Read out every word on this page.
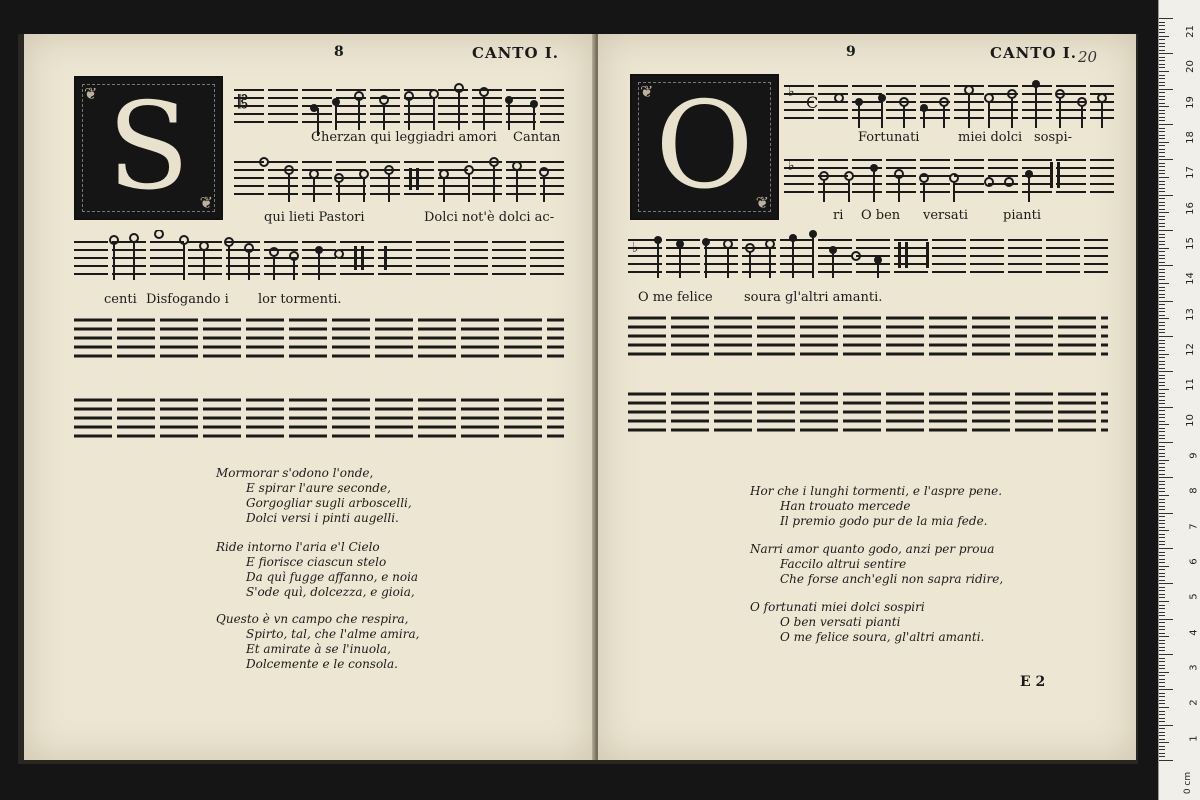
8	CANTO I.
❦
❦
S	𝄡
Cherzan qui leggiadri amori Cantan
qui lieti Pastori	Dolci not'è dolci ac-
centi Disfogando i lor tormenti.
Mormorar s'odono l'onde,
E spirar l'aure seconde,
Gorgogliar sugli arboscelli,
Dolci versi i pinti augelli.
Ride intorno l'aria e'l Cielo
E fiorisce ciascun stelo
Da quì fugge affanno, e noia
S'ode quì, dolcezza, e gioia,
Questo è vn campo che respira,
Spirto, tal, che l'alme amira,
Et amirate à se l'inuola,
Dolcemente e le consola.
9	CANTO I. 20
❦
❦
O	♭
C
Fortunati	miei dolci sospi-
♭
ri O ben versati	pianti
♭
O me felice soura gl'altri amanti.
Hor che i lunghi tormenti, e l'aspre pene.
Han trouato mercede
Il premio godo pur de la mia fede.
Narri amor quanto godo, anzi per proua
Faccilo altrui sentire
Che forse anch'egli non sapra ridire,
O fortunati miei dolci sospiri
O ben versati pianti
O me felice soura, gl'altri amanti.
E 2
0 cm
21
20
19
18
17
16
15
14
13
12
11
10
9
8
7
6
5
4
3
2
1
